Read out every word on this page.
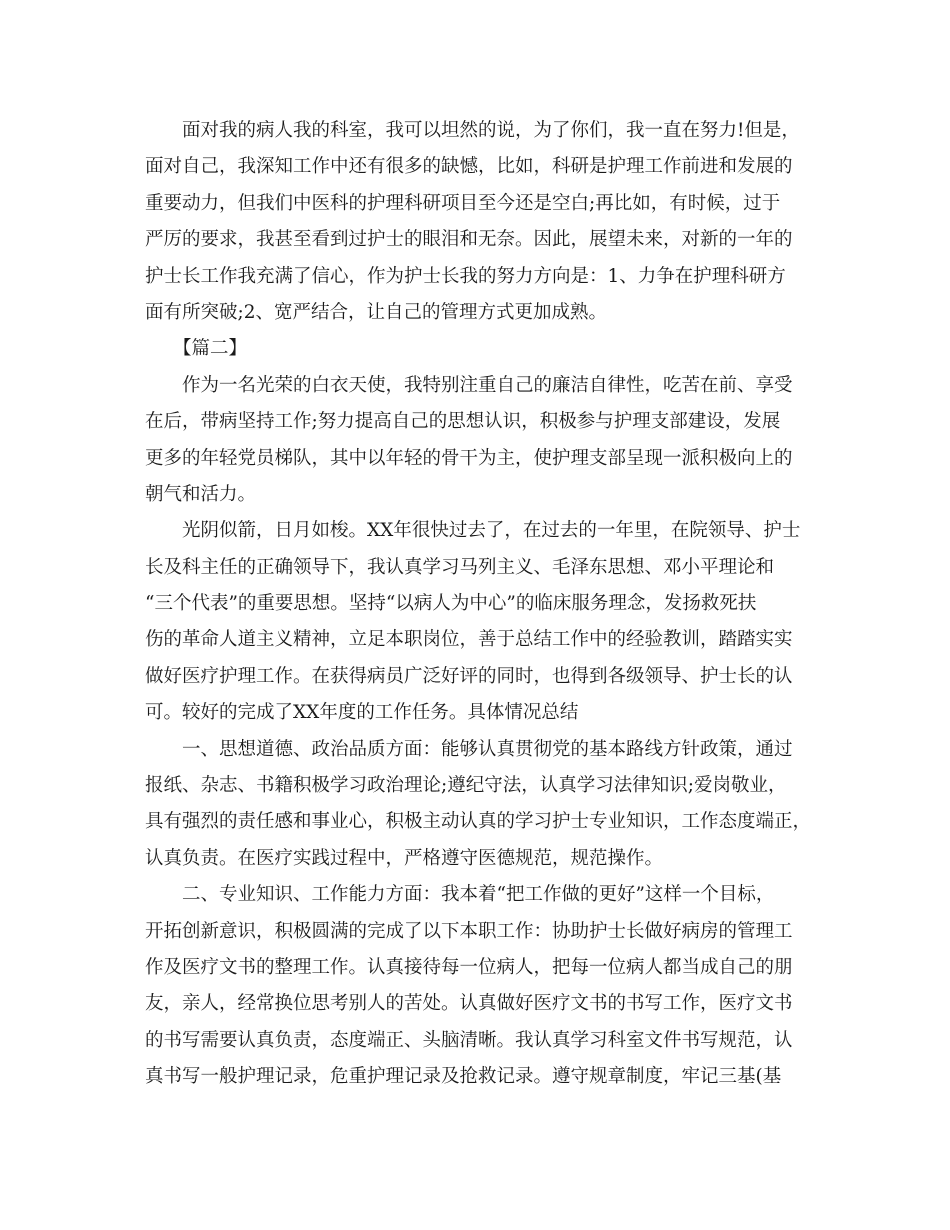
面对我的病人我的科室，我可以坦然的说，为了你们，我一直在努力!但是，
面对自己，我深知工作中还有很多的缺憾，比如，科研是护理工作前进和发展的
重要动力，但我们中医科的护理科研项目至今还是空白;再比如，有时候，过于
严厉的要求，我甚至看到过护士的眼泪和无奈。因此，展望未来，对新的一年的
护士长工作我充满了信心，作为护士长我的努力方向是：1、力争在护理科研方
面有所突破;2、宽严结合，让自己的管理方式更加成熟。
【篇二】
作为一名光荣的白衣天使，我特别注重自己的廉洁自律性，吃苦在前、享受
在后，带病坚持工作;努力提高自己的思想认识，积极参与护理支部建设，发展
更多的年轻党员梯队，其中以年轻的骨干为主，使护理支部呈现一派积极向上的
朝气和活力。
光阴似箭，日月如梭。XX年很快过去了，在过去的一年里，在院领导、护士
长及科主任的正确领导下，我认真学习马列主义、毛泽东思想、邓小平理论和
“三个代表”的重要思想。坚持“以病人为中心”的临床服务理念，发扬救死扶
伤的革命人道主义精神，立足本职岗位，善于总结工作中的经验教训，踏踏实实
做好医疗护理工作。在获得病员广泛好评的同时，也得到各级领导、护士长的认
可。较好的完成了XX年度的工作任务。具体情况总结
一、思想道德、政治品质方面：能够认真贯彻党的基本路线方针政策，通过
报纸、杂志、书籍积极学习政治理论;遵纪守法，认真学习法律知识;爱岗敬业，
具有强烈的责任感和事业心，积极主动认真的学习护士专业知识，工作态度端正，
认真负责。在医疗实践过程中，严格遵守医德规范，规范操作。
二、专业知识、工作能力方面：我本着“把工作做的更好”这样一个目标，
开拓创新意识，积极圆满的完成了以下本职工作：协助护士长做好病房的管理工
作及医疗文书的整理工作。认真接待每一位病人，把每一位病人都当成自己的朋
友，亲人，经常换位思考别人的苦处。认真做好医疗文书的书写工作，医疗文书
的书写需要认真负责，态度端正、头脑清晰。我认真学习科室文件书写规范，认
真书写一般护理记录，危重护理记录及抢救记录。遵守规章制度，牢记三基(基
